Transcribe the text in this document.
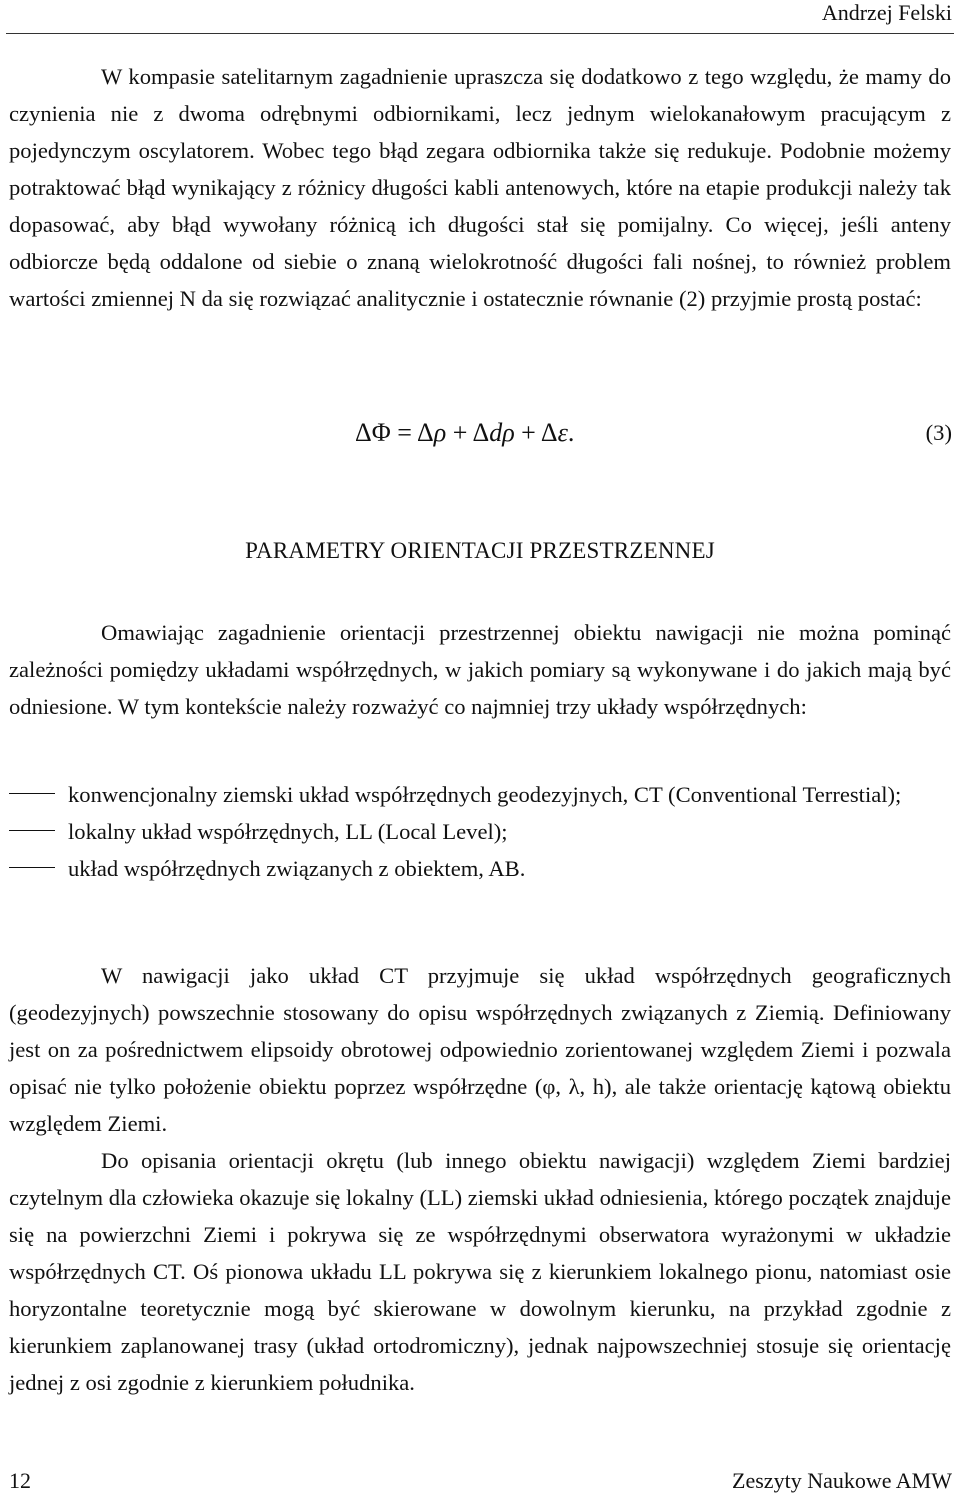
Andrzej Felski
W kompasie satelitarnym zagadnienie upraszcza się dodatkowo z tego względu, że mamy do czynienia nie z dwoma odrębnymi odbiornikami, lecz jednym wielokanałowym pracującym z pojedynczym oscylatorem. Wobec tego błąd zegara odbiornika także się redukuje. Podobnie możemy potraktować błąd wynikający z różnicy długości kabli antenowych, które na etapie produkcji należy tak dopasować, aby błąd wywołany różnicą ich długości stał się pomijalny. Co więcej, jeśli anteny odbiorcze będą oddalone od siebie o znaną wielokrotność długości fali nośnej, to również problem wartości zmiennej N da się rozwiązać analitycznie i ostatecznie równanie (2) przyjmie prostą postać:
ΔΦ = Δρ + Δdρ + Δε.	(3)
PARAMETRY ORIENTACJI PRZESTRZENNEJ
Omawiając zagadnienie orientacji przestrzennej obiektu nawigacji nie można pominąć zależności pomiędzy układami współrzędnych, w jakich pomiary są wykonywane i do jakich mają być odniesione. W tym kontekście należy rozważyć co najmniej trzy układy współrzędnych:
konwencjonalny ziemski układ współrzędnych geodezyjnych, CT (Conventional Terrestial);
lokalny układ współrzędnych, LL (Local Level);
układ współrzędnych związanych z obiektem, AB.

W nawigacji jako układ CT przyjmuje się układ współrzędnych geograficznych (geodezyjnych) powszechnie stosowany do opisu współrzędnych związanych z Ziemią. Definiowany jest on za pośrednictwem elipsoidy obrotowej odpowiednio zorientowanej względem Ziemi i pozwala opisać nie tylko położenie obiektu poprzez współrzędne (φ, λ, h), ale także orientację kątową obiektu względem Ziemi.

Do opisania orientacji okrętu (lub innego obiektu nawigacji) względem Ziemi bardziej czytelnym dla człowieka okazuje się lokalny (LL) ziemski układ odniesienia, którego początek znajduje się na powierzchni Ziemi i pokrywa się ze współrzędnymi obserwatora wyrażonymi w układzie współrzędnych CT. Oś pionowa układu LL pokrywa się z kierunkiem lokalnego pionu, natomiast osie horyzontalne teoretycznie mogą być skierowane w dowolnym kierunku, na przykład zgodnie z kierunkiem zaplanowanej trasy (układ ortodromiczny), jednak najpowszechniej stosuje się orientację jednej z osi zgodnie z kierunkiem południka.

12	Zeszyty Naukowe AMW
